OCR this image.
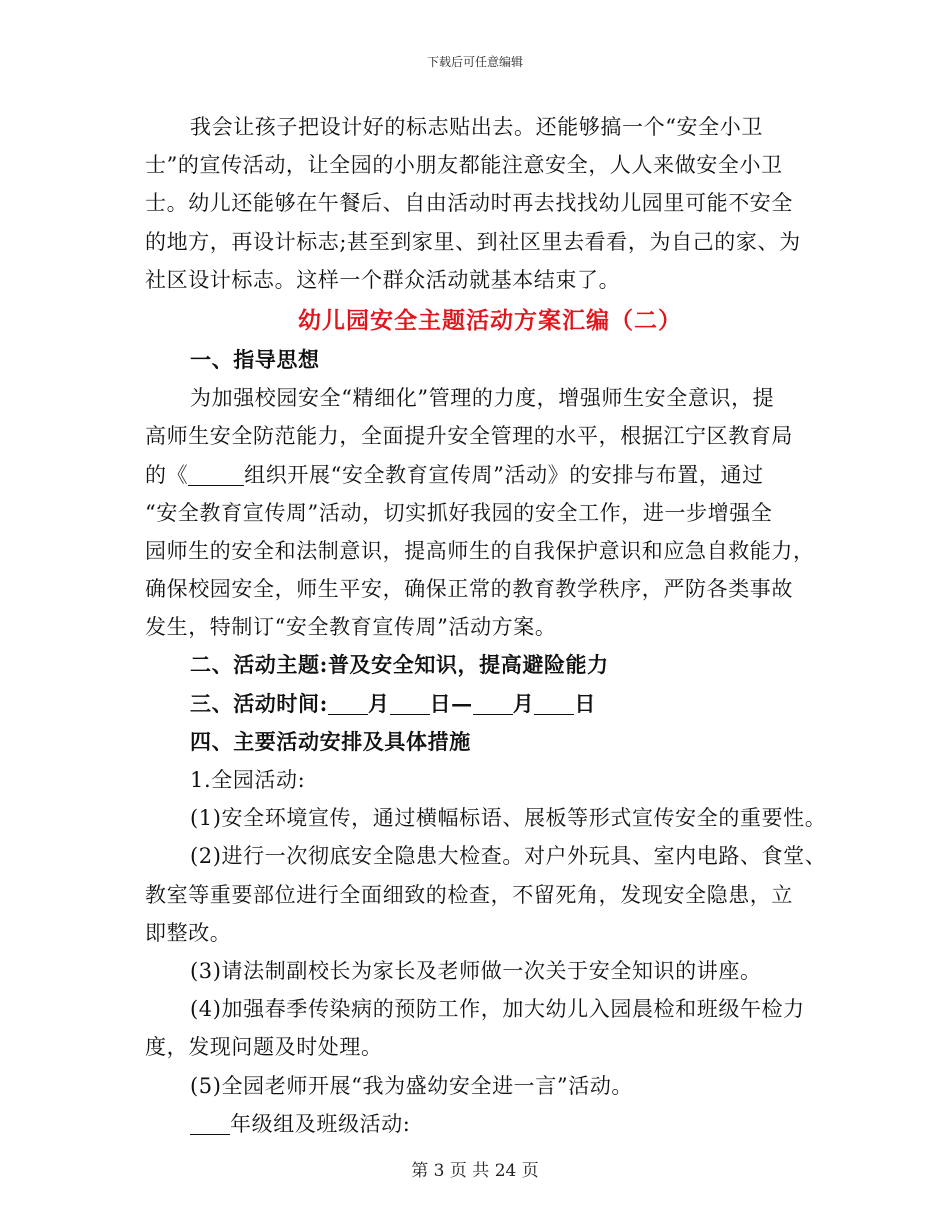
下载后可任意编辑
我会让孩子把设计好的标志贴出去。还能够搞一个“安全小卫
士”的宣传活动，让全园的小朋友都能注意安全，人人来做安全小卫
士。幼儿还能够在午餐后、自由活动时再去找找幼儿园里可能不安全
的地方，再设计标志;甚至到家里、到社区里去看看，为自己的家、为
社区设计标志。这样一个群众活动就基本结束了。
幼儿园安全主题活动方案汇编（二）
一、指导思想
为加强校园安全“精细化”管理的力度，增强师生安全意识，提
高师生安全防范能力，全面提升安全管理的水平，根据江宁区教育局
的《	组织开展“安全教育宣传周”活动》的安排与布置，通过
“安全教育宣传周”活动，切实抓好我园的安全工作，进一步增强全
园师生的安全和法制意识，提高师生的自我保护意识和应急自救能力，
确保校园安全，师生平安，确保正常的教育教学秩序，严防各类事故
发生，特制订“安全教育宣传周”活动方案。
二、活动主题:普及安全知识，提高避险能力
三、活动时间: 月 日— 月 日
四、主要活动安排及具体措施
1.全园活动:
(1)安全环境宣传，通过横幅标语、展板等形式宣传安全的重要性。
(2)进行一次彻底安全隐患大检查。对户外玩具、室内电路、食堂、
教室等重要部位进行全面细致的检查，不留死角，发现安全隐患，立
即整改。
(3)请法制副校长为家长及老师做一次关于安全知识的讲座。
(4)加强春季传染病的预防工作，加大幼儿入园晨检和班级午检力
度，发现问题及时处理。
(5)全园老师开展“我为盛幼安全进一言”活动。
年级组及班级活动:
第 3 页 共 24 页
